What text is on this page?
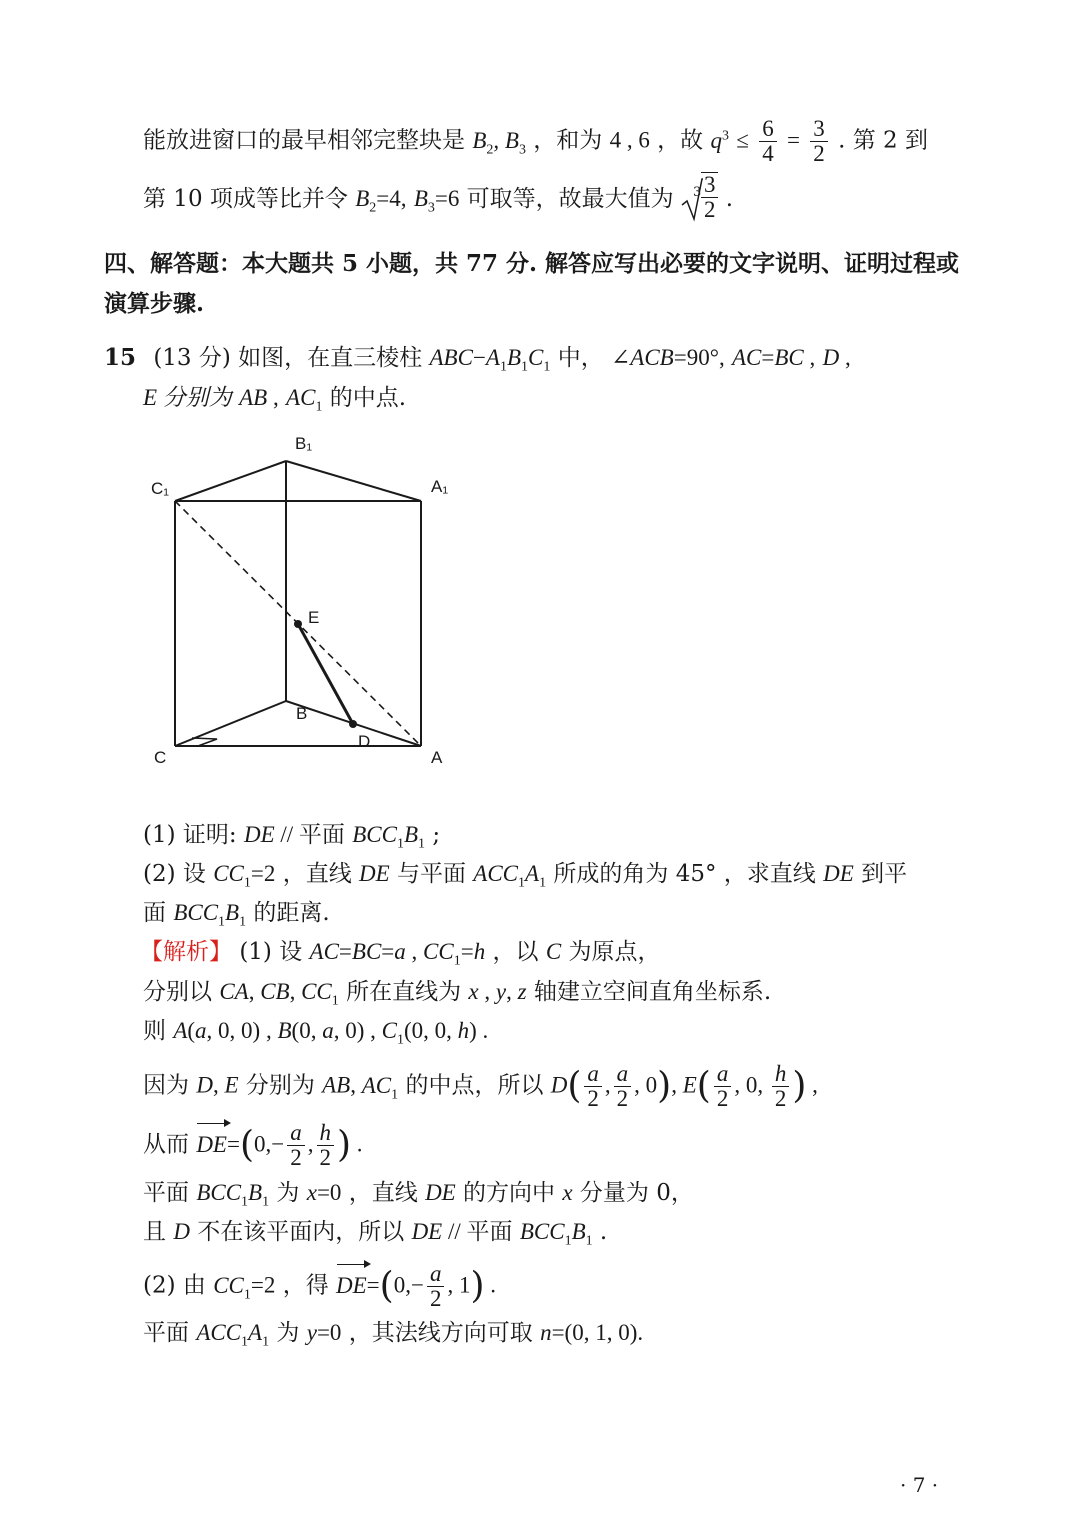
能放进窗口的最早相邻完整块是 $B_2$, $B_3$ ，和为 4 , 6 ，故 $q^3 \le \frac{6}{4} = \frac{3}{2}$ . 第 2 到
第 10 项成等比并令 $B_2=4$, $B_3=6$ 可取等，故最大值为 $3 \frac{3}{2}$ .
四、解答题：本大题共 5 小题，共 77 分. 解答应写出必要的文字说明、证明过程或
演算步骤.
15 (13 分) 如图，在直三棱柱 $ABC-A_1B_1C_1$ 中， ∠ACB=90°, AC=BC , D ,
E 分别为 AB , $AC_1$ 的中点.
B₁
C₁	A₁
E
B
D
C	A
(1) 证明: DE // 平面 $BCC_1B_1$ ;
(2) 设 $CC_1=2$ ，直线 DE 与平面 $ACC_1A_1$ 所成的角为 45° ，求直线 DE 到平
面 $BCC_1B_1$ 的距离.
【解析】 (1) 设 AC=BC=a , $CC_1=h$ ，以 C 为原点，
分别以 CA, CB, $CC_1$ 所在直线为 x , y, z 轴建立空间直角坐标系.
则 A(a, 0, 0) , B(0, a, 0) , $C_1(0$, 0, h) .
因为 D, E 分别为 AB, $AC_1$ 的中点，所以 $D( \frac{a}{2}$ , $\frac{a}{2}$ , 0), $E( \frac{a}{2}$ , 0, $\frac{h}{2}$ ) ,
从而 $DE=(0,- \frac{a}{2}$ , $\frac{h}{2}$ ) .
平面 $BCC_1B_1$ 为 x=0 ，直线 DE 的方向中 x 分量为 0，
且 D 不在该平面内，所以 DE // 平面 $BCC_1B_1$ .
(2) 由 $CC_1=2$ ，得 $DE=(0,- \frac{a}{2}$ , 1) .
平面 $ACC_1A_1$ 为 y=0 ，其法线方向可取 n=(0, 1, 0).
· 7 ·
